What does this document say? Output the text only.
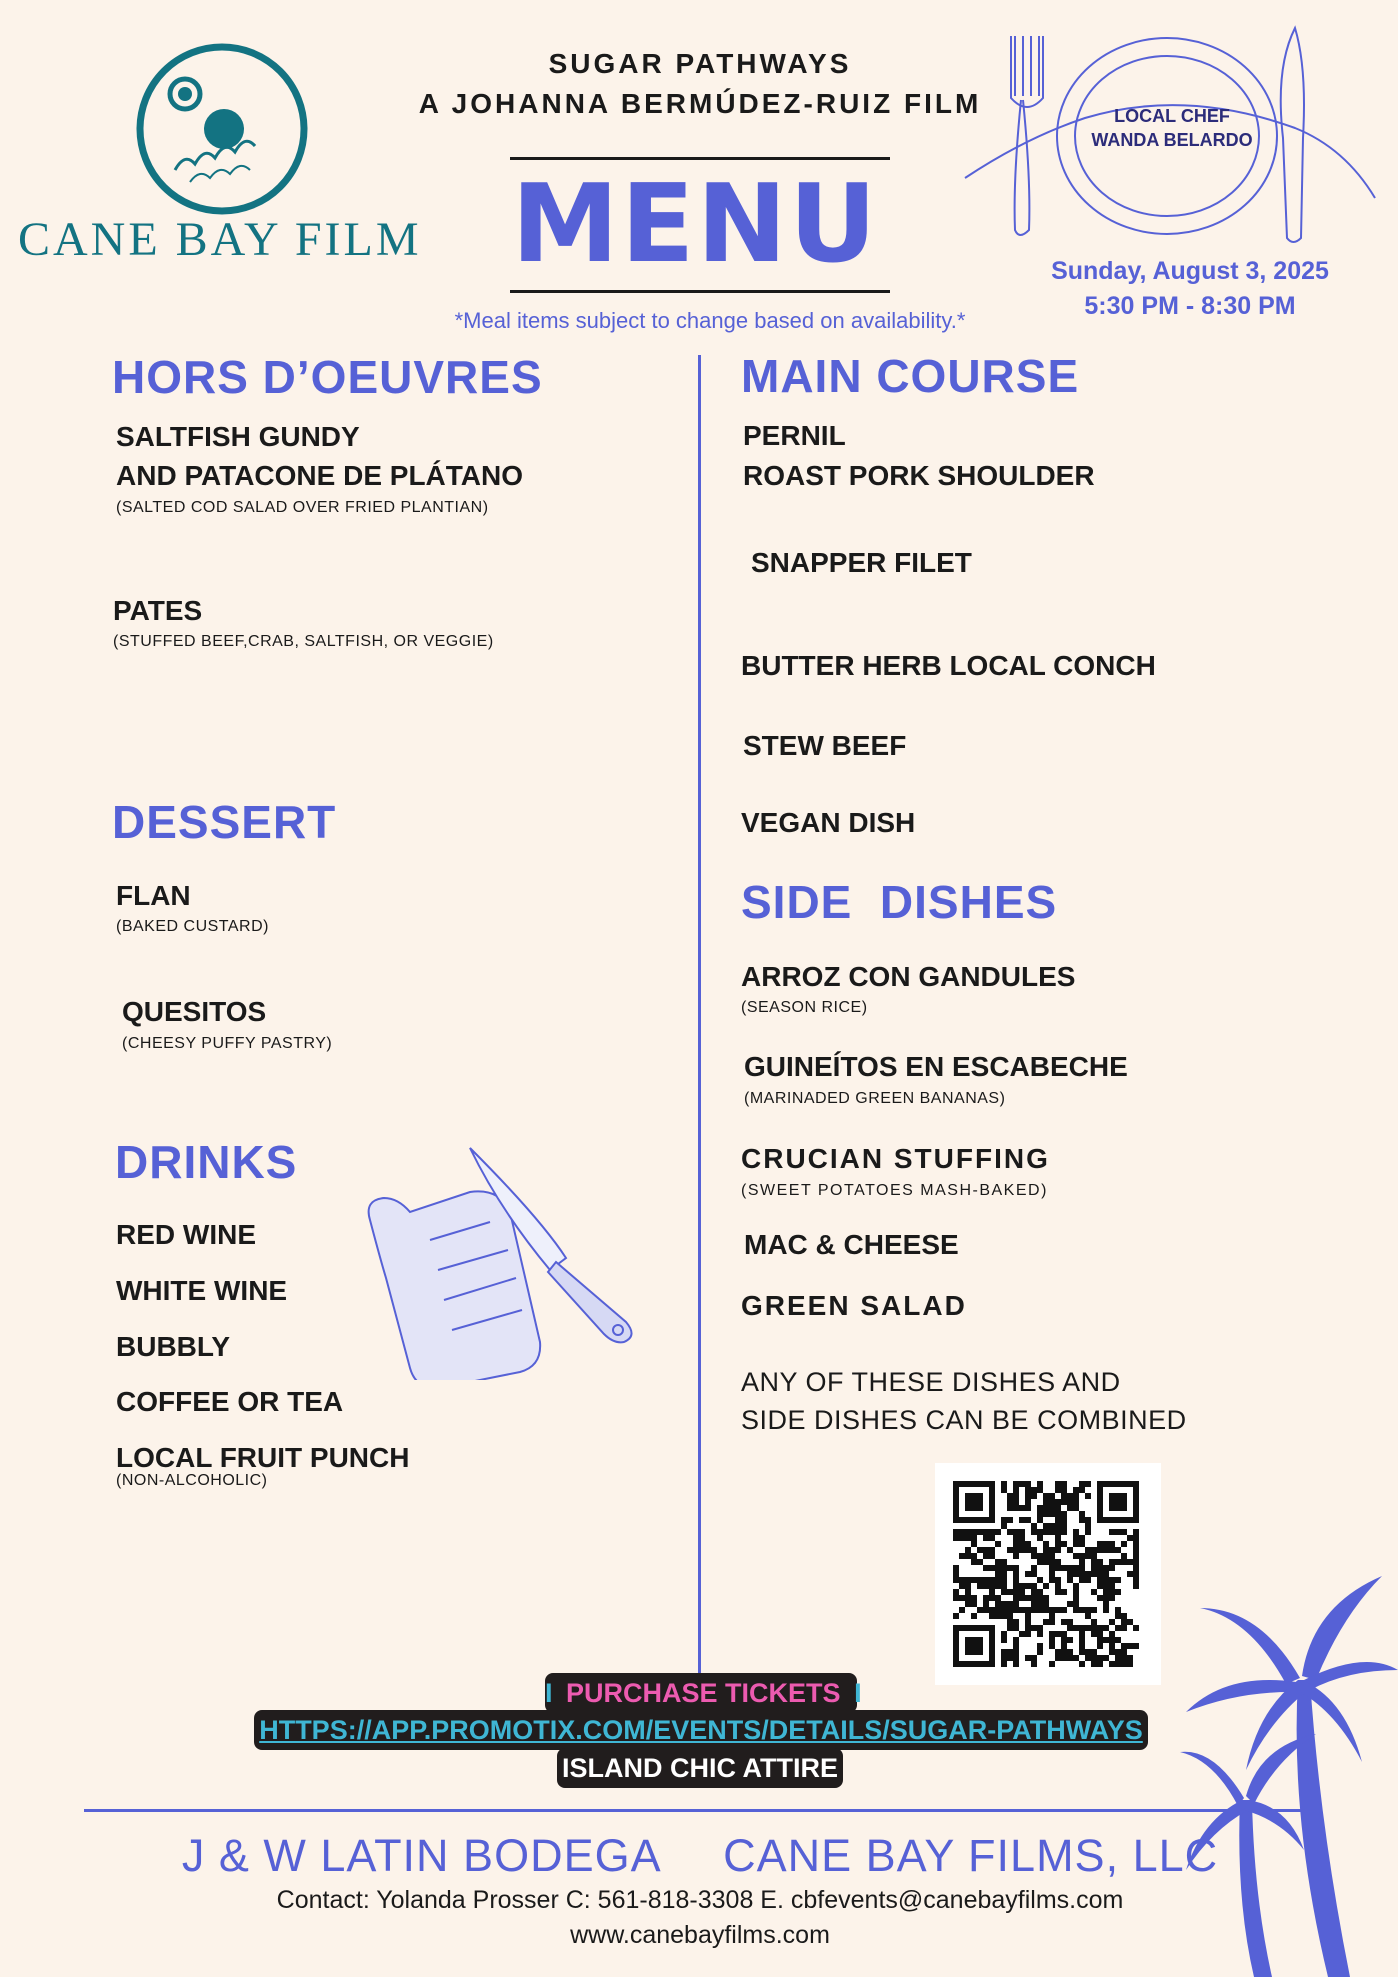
CANE BAY FILM
SUGAR PATHWAYS
A JOHANNA BERMÚDEZ-RUIZ FILM
MENU
LOCAL CHEF
WANDA BELARDO
Sunday, August 3, 2025
5:30 PM - 8:30 PM
*Meal items subject to change based on availability.*
HORS D’OEUVRES
SALTFISH GUNDY
AND PATACONE DE PLÁTANO
(SALTED COD SALAD OVER FRIED PLANTIAN)
PATES
(STUFFED BEEF,CRAB, SALTFISH, OR VEGGIE)
DESSERT
FLAN
(BAKED CUSTARD)
QUESITOS
(CHEESY PUFFY PASTRY)
DRINKS
RED WINE
WHITE WINE
BUBBLY
COFFEE OR TEA
LOCAL FRUIT PUNCH
(NON-ALCOHOLIC)
MAIN COURSE
PERNIL
ROAST PORK SHOULDER
SNAPPER FILET
BUTTER HERB LOCAL CONCH
STEW BEEF
VEGAN DISH
SIDE  DISHES
ARROZ CON GANDULES
(SEASON RICE)
GUINEÍTOS EN ESCABECHE
(MARINADED GREEN BANANAS)
CRUCIAN STUFFING
(SWEET POTATOES MASH-BAKED)
MAC & CHEESE
GREEN SALAD
ANY OF THESE DISHES AND
SIDE DISHES CAN BE COMBINED
I PURCHASE TICKETS I
HTTPS://APP.PROMOTIX.COM/EVENTS/DETAILS/SUGAR-PATHWAYS
ISLAND CHIC ATTIRE
J & W LATIN BODEGA CANE BAY FILMS, LLC
Contact: Yolanda Prosser C: 561-818-3308 E. cbfevents@canebayfilms.com
www.canebayfilms.com
